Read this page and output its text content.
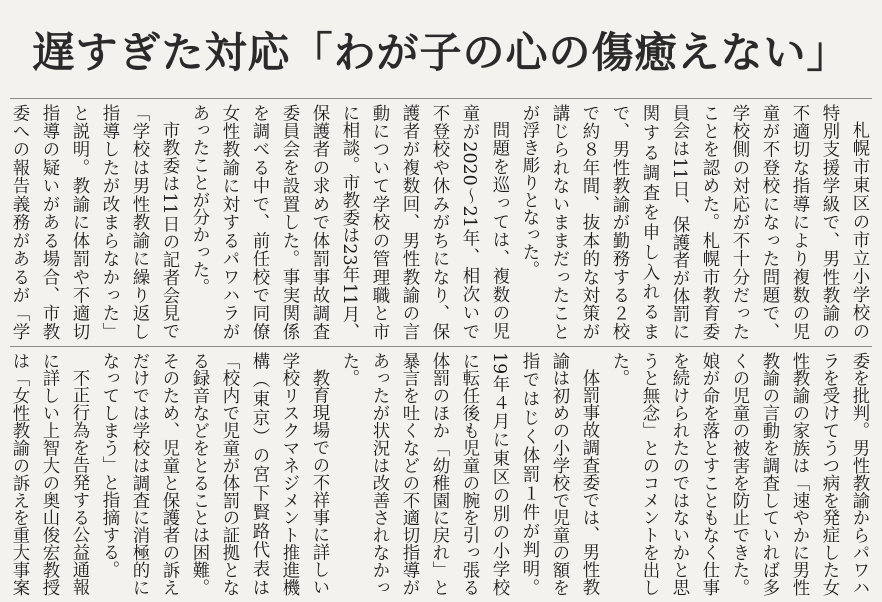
遅すぎた対応「わが子の心の傷癒えない」

札幌市東区の市立小学校の特別支援学級で、男性教諭の不適切な指導により複数の児童が不登校になった問題で、学校側の対応が不十分だったことを認めた。札幌市教育委員会は11日、保護者が体罰に関する調査を申し入れるまで、男性教諭が勤務する２校で約８年間、抜本的な対策が講じられないままだったことが浮き彫りとなった。

問題を巡っては、複数の児童が2020～21年、相次いで不登校や休みがちになり、保護者が複数回、男性教諭の言動について学校の管理職と市に相談。市教委は23年11月、保護者の求めで体罰事故調査委員会を設置した。事実関係を調べる中で、前任校で同僚女性教諭に対するパワハラがあったことが分かった。

市教委は11日の記者会見で「学校は男性教諭に繰り返し指導したが改まらなかった」と説明。教諭に体罰や不適切指導の疑いがある場合、市教委への報告義務があるが「学

委を批判。男性教諭からパワハラを受けてうつ病を発症した女性教諭の家族は「速やかに男性教諭の言動を調査していれば多くの児童の被害を防止できた。娘が命を落とすこともなく仕事を続けられたのではないかと思うと無念」とのコメントを出した。

体罰事故調査委では、男性教諭は初めの小学校で児童の額を指ではじく体罰１件が判明。19年４月に東区の別の小学校に転任後も児童の腕を引っ張る体罰のほか「幼稚園に戻れ」と暴言を吐くなどの不適切指導があったが状況は改善されなかった。

教育現場での不祥事に詳しい学校リスクマネジメント推進機構（東京）の宮下賢路代表は「校内で児童が体罰の証拠となる録音などをとることは困難。そのため、児童と保護者の訴えだけでは学校は調査に消極的になってしまう」と指摘する。

不正行為を告発する公益通報に詳しい上智大の奥山俊宏教授は「女性教諭の訴えを重大事案
